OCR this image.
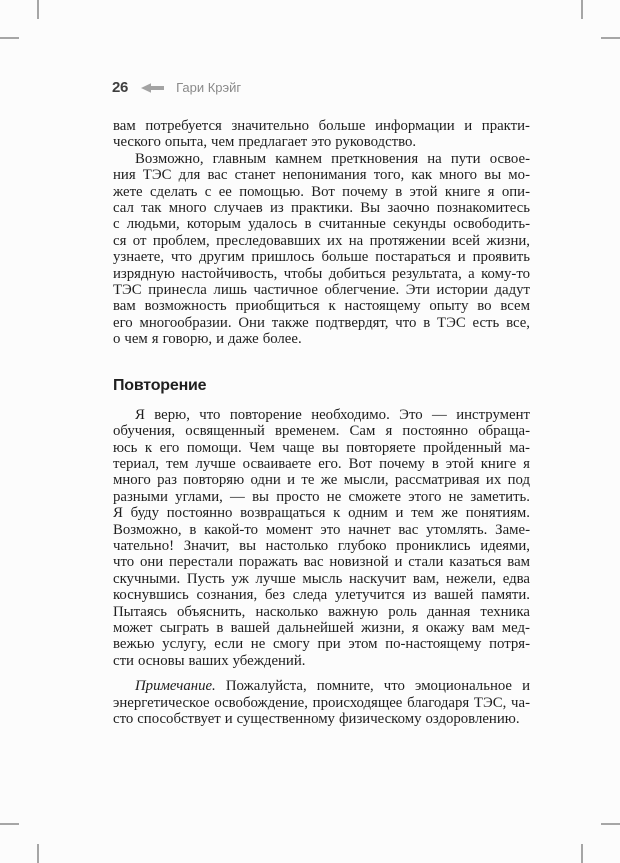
26	Гари Крэйг
вам потребуется значительно больше информации и практи-
ческого опыта, чем предлагает это руководство.
Возможно, главным камнем преткновения на пути освое-
ния ТЭС для вас станет непонимания того, как много вы мо-
жете сделать с ее помощью. Вот почему в этой книге я опи-
сал так много случаев из практики. Вы заочно познакомитесь
с людьми, которым удалось в считанные секунды освободить-
ся от проблем, преследовавших их на протяжении всей жизни,
узнаете, что другим пришлось больше постараться и проявить
изрядную настойчивость, чтобы добиться результата, а кому-то
ТЭС принесла лишь частичное облегчение. Эти истории дадут
вам возможность приобщиться к настоящему опыту во всем
его многообразии. Они также подтвердят, что в ТЭС есть все,
о чем я говорю, и даже более.
Повторение
Я верю, что повторение необходимо. Это — инструмент
обучения, освященный временем. Сам я постоянно обраща-
юсь к его помощи. Чем чаще вы повторяете пройденный ма-
териал, тем лучше осваиваете его. Вот почему в этой книге я
много раз повторяю одни и те же мысли, рассматривая их под
разными углами, — вы просто не сможете этого не заметить.
Я буду постоянно возвращаться к одним и тем же понятиям.
Возможно, в какой-то момент это начнет вас утомлять. Заме-
чательно! Значит, вы настолько глубоко прониклись идеями,
что они перестали поражать вас новизной и стали казаться вам
скучными. Пусть уж лучше мысль наскучит вам, нежели, едва
коснувшись сознания, без следа улетучится из вашей памяти.
Пытаясь объяснить, насколько важную роль данная техника
может сыграть в вашей дальнейшей жизни, я окажу вам мед-
вежью услугу, если не смогу при этом по-настоящему потря-
сти основы ваших убеждений.
Примечание. Пожалуйста, помните, что эмоциональное и
энергетическое освобождение, происходящее благодаря ТЭС, ча-
сто способствует и существенному физическому оздоровлению.
